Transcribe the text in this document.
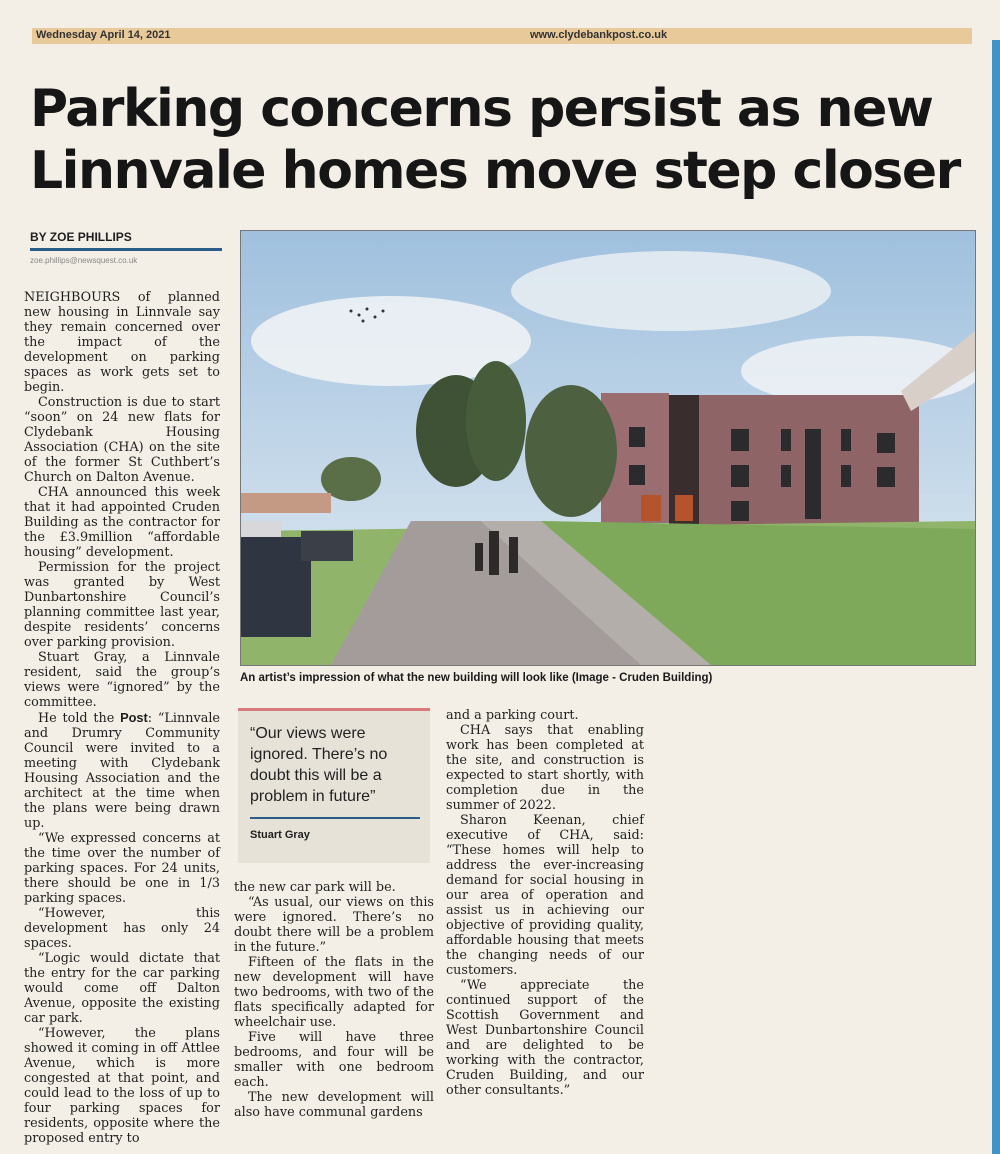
Wednesday April 14, 2021	www.clydebankpost.co.uk
Parking concerns persist as new Linnvale homes move step closer
BY ZOE PHILLIPS
zoe.phillips@newsquest.co.uk

NEIGHBOURS of planned new housing in Linnvale say they remain concerned over the impact of the development on parking spaces as work gets set to begin.

Construction is due to start “soon” on 24 new flats for Clydebank Housing Association (CHA) on the site of the former St Cuthbert’s Church on Dalton Avenue.

CHA announced this week that it had appointed Cruden Building as the contractor for the £3.9million “affordable housing” development.

Permission for the project was granted by West Dunbartonshire Council’s planning committee last year, despite residents’ concerns over parking provision.

Stuart Gray, a Linnvale resident, said the group’s views were “ignored” by the committee.

He told the Post: “Linnvale and Drumry Community Council were invited to a meeting with Clydebank Housing Association and the architect at the time when the plans were being drawn up.

“We expressed concerns at the time over the number of parking spaces. For 24 units, there should be one in 1/3 parking spaces.

“However, this development has only 24 spaces.

“Logic would dictate that the entry for the car parking would come off Dalton Avenue, opposite the existing car park.

“However, the plans showed it coming in off Attlee Avenue, which is more congested at that point, and could lead to the loss of up to four parking spaces for residents, opposite where the proposed entry to

An artist’s impression of what the new building will look like (Image - Cruden Building)
“Our views were ignored. There’s no doubt this will be a problem in future”
Stuart Gray

the new car park will be.

“As usual, our views on this were ignored. There’s no doubt there will be a problem in the future.”

Fifteen of the flats in the new development will have two bedrooms, with two of the flats specifically adapted for wheelchair use.

Five will have three bedrooms, and four will be smaller with one bedroom each.

The new development will also have communal gardens

and a parking court.

CHA says that enabling work has been completed at the site, and construction is expected to start shortly, with completion due in the summer of 2022.

Sharon Keenan, chief executive of CHA, said: “These homes will help to address the ever-increasing demand for social housing in our area of operation and assist us in achieving our objective of providing quality, affordable housing that meets the changing needs of our customers.

“We appreciate the continued support of the Scottish Government and West Dunbartonshire Council and are delighted to be working with the contractor, Cruden Building, and our other consultants.”
